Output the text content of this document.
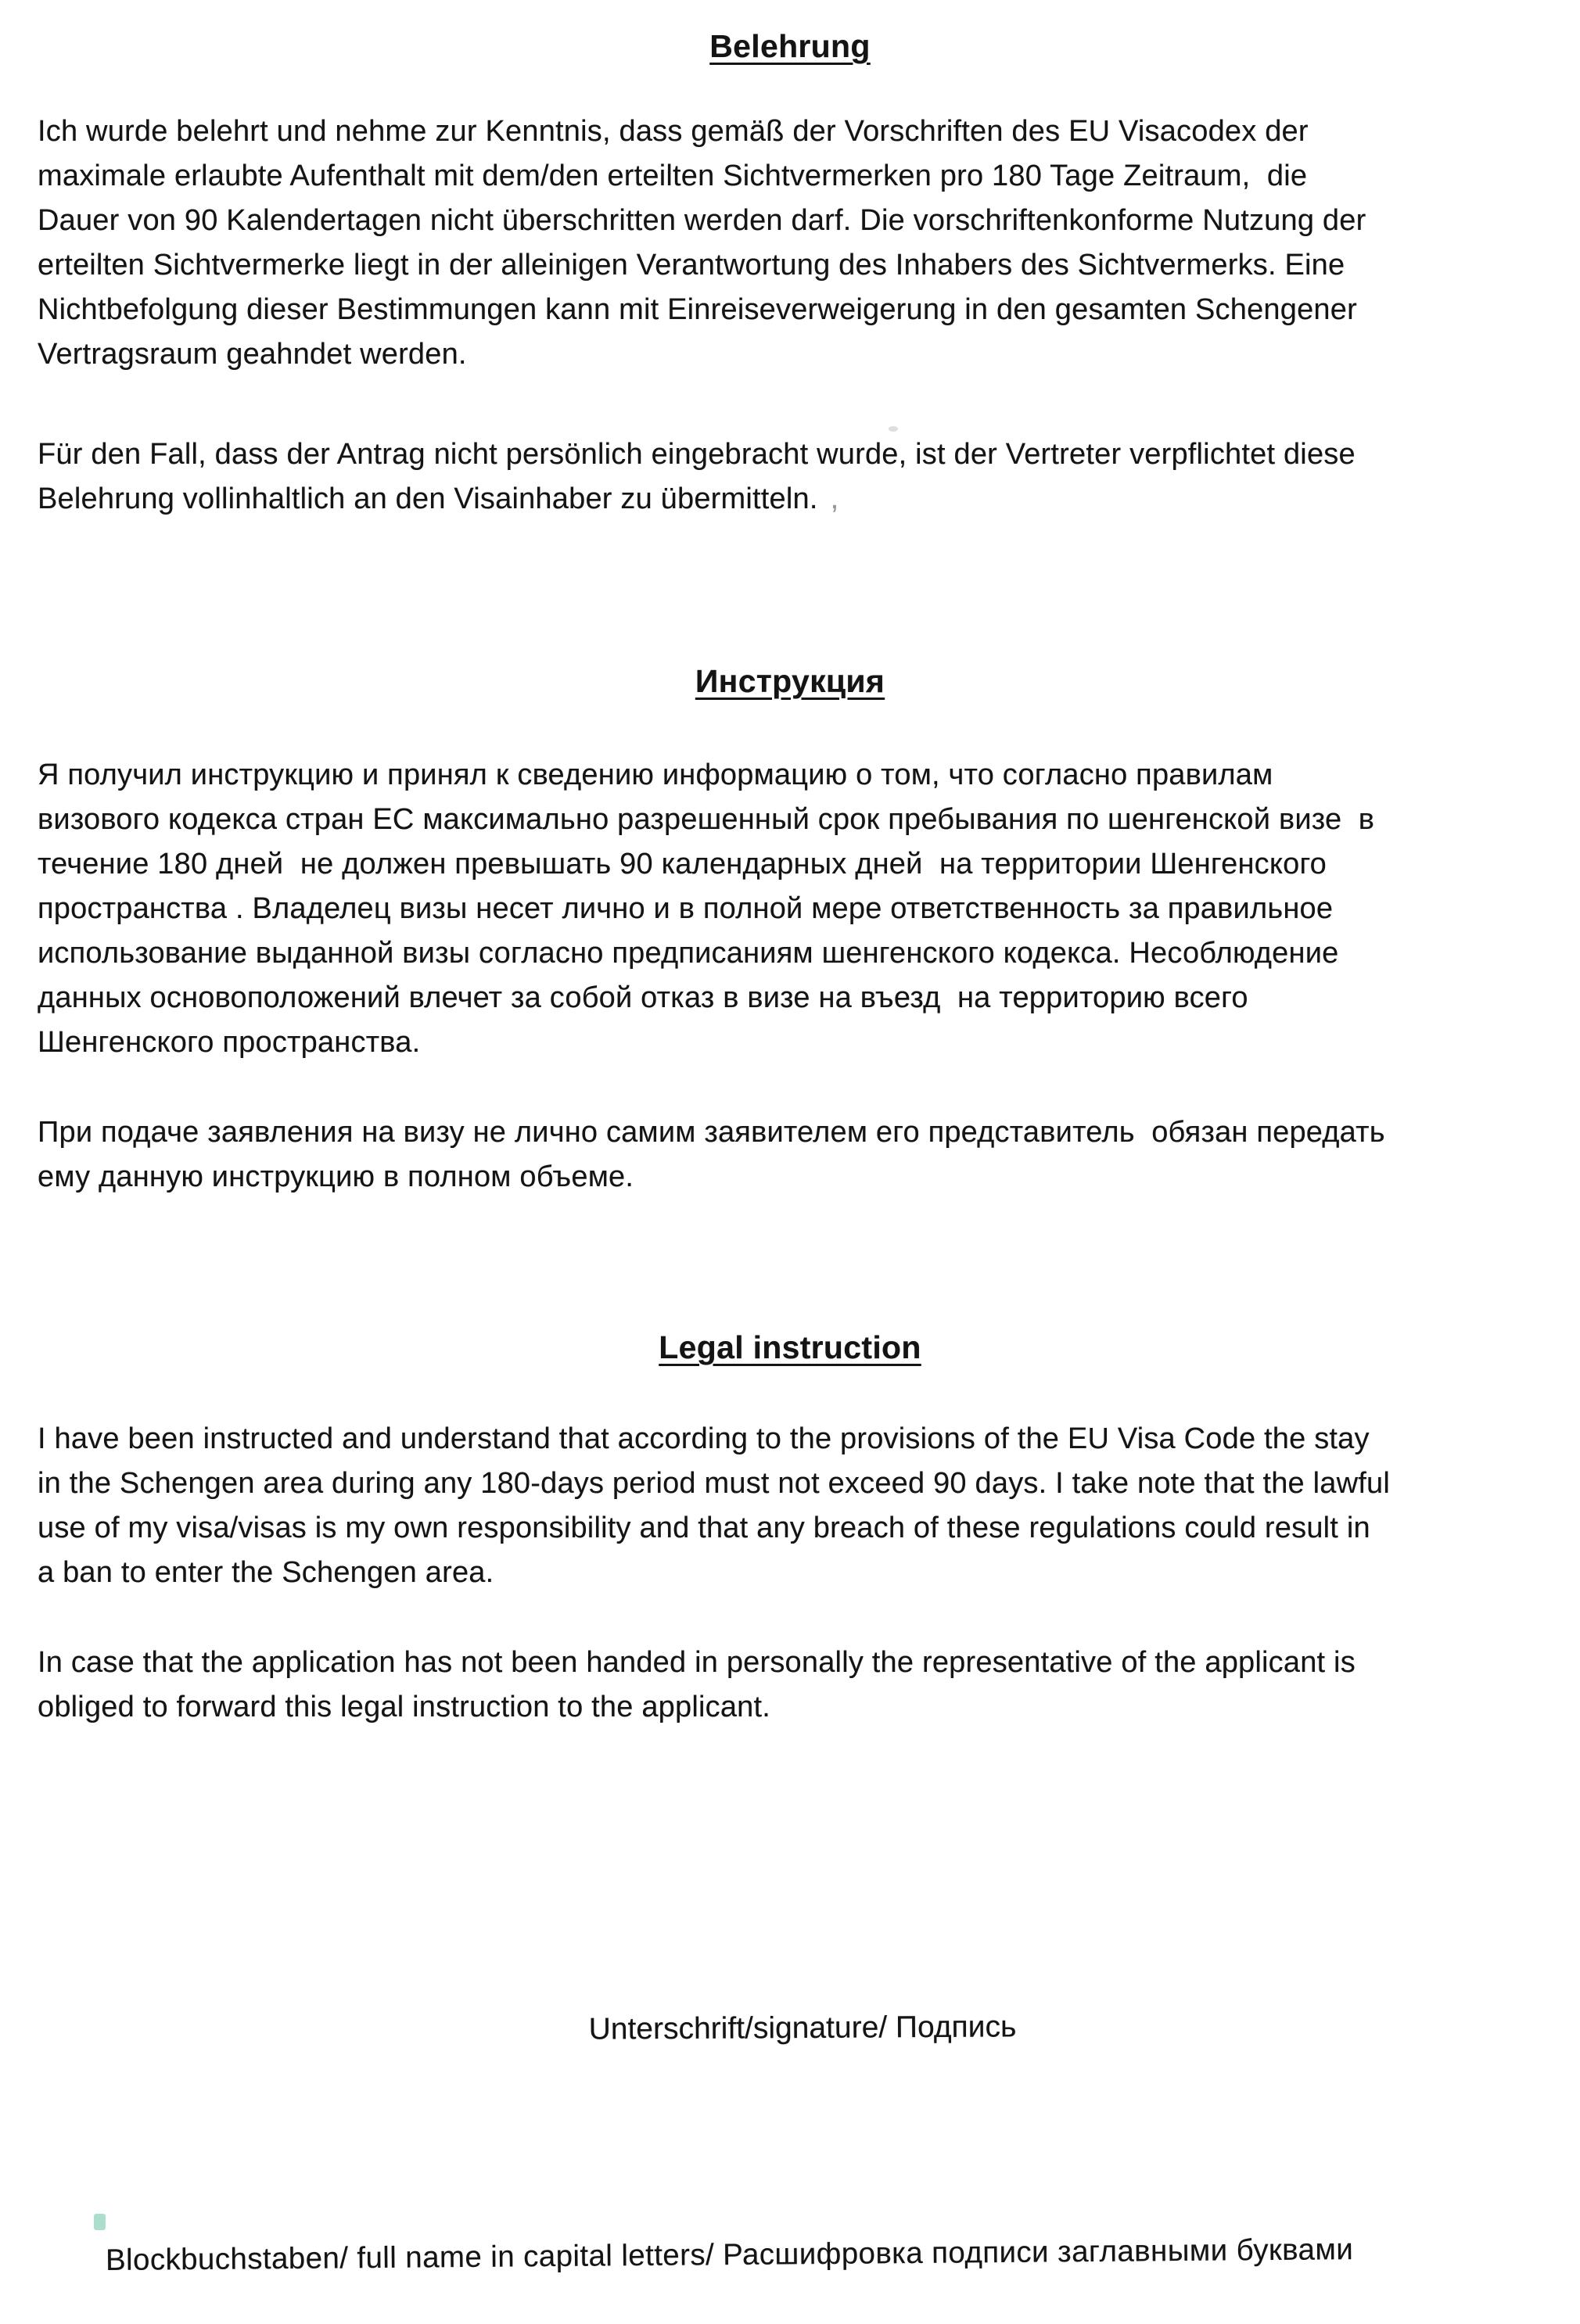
Belehrung
Ich wurde belehrt und nehme zur Kenntnis, dass gemäß der Vorschriften des EU Visacodex der
maximale erlaubte Aufenthalt mit dem/den erteilten Sichtvermerken pro 180 Tage Zeitraum,  die
Dauer von 90 Kalendertagen nicht überschritten werden darf. Die vorschriftenkonforme Nutzung der
erteilten Sichtvermerke liegt in der alleinigen Verantwortung des Inhabers des Sichtvermerks. Eine
Nichtbefolgung dieser Bestimmungen kann mit Einreiseverweigerung in den gesamten Schengener
Vertragsraum geahndet werden.
Für den Fall, dass der Antrag nicht persönlich eingebracht wurde, ist der Vertreter verpflichtet diese
Belehrung vollinhaltlich an den Visainhaber zu übermitteln. ,
Инструкция
Я получил инструкцию и принял к сведению информацию о том, что согласно правилам
визового кодекса стран ЕС максимально разрешенный срок пребывания по шенгенской визе  в
течение 180 дней  не должен превышать 90 календарных дней  на территории Шенгенского
пространства . Владелец визы несет лично и в полной мере ответственность за правильное
использование выданной визы согласно предписаниям шенгенского кодекса. Несоблюдение
данных основоположений влечет за собой отказ в визе на въезд  на территорию всего
Шенгенского пространства.
При подаче заявления на визу не лично самим заявителем его представитель  обязан передать
ему данную инструкцию в полном объеме.
Legal instruction
I have been instructed and understand that according to the provisions of the EU Visa Code the stay
in the Schengen area during any 180-days period must not exceed 90 days. I take note that the lawful
use of my visa/visas is my own responsibility and that any breach of these regulations could result in
a ban to enter the Schengen area.
In case that the application has not been handed in personally the representative of the applicant is
obliged to forward this legal instruction to the applicant.
Unterschrift/signature/ Подпись
Blockbuchstaben/ full name in capital letters/ Расшифровка подписи заглавными буквами
